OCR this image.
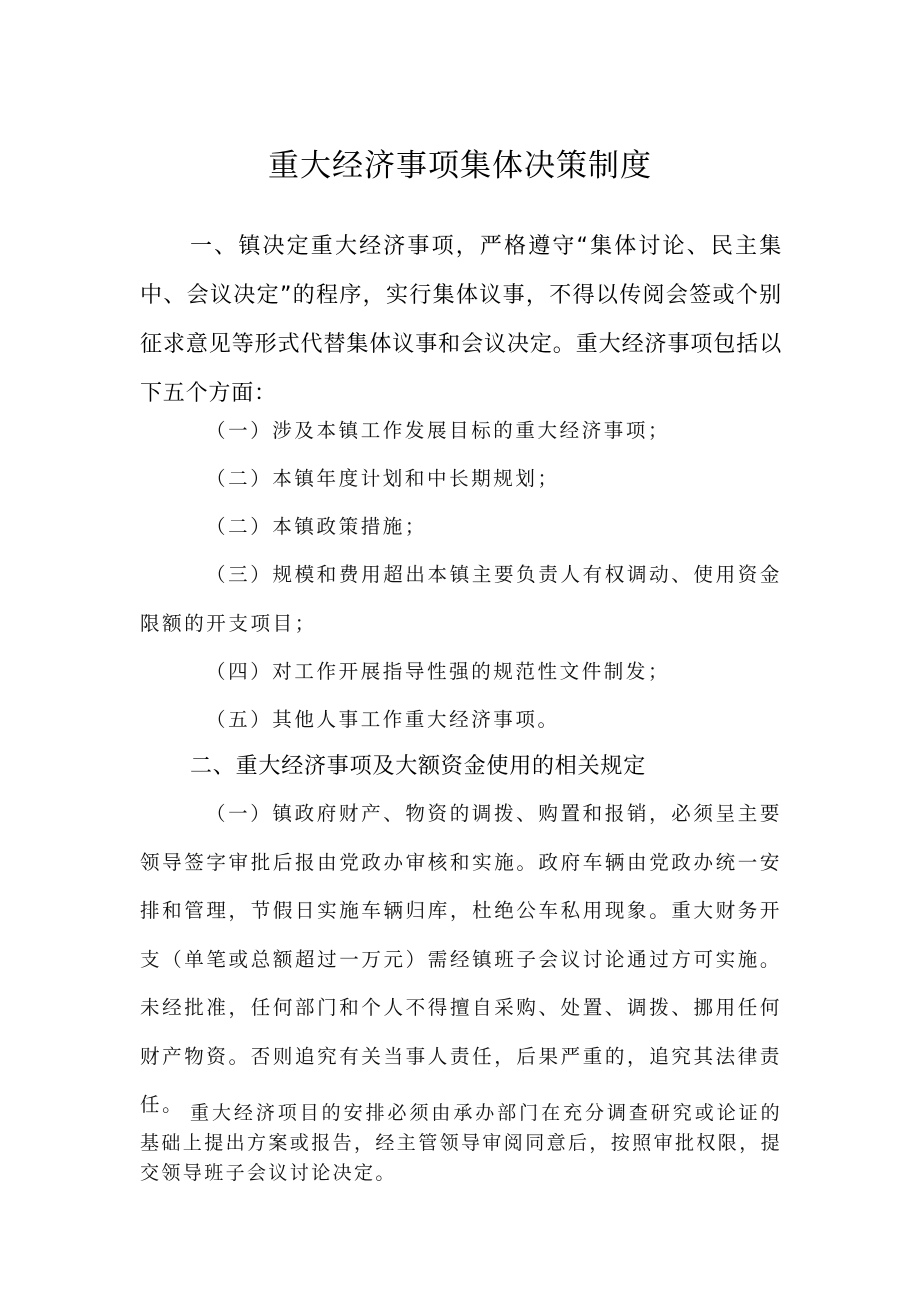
重大经济事项集体决策制度

一、镇决定重大经济事项，严格遵守“集体讨论、民主集中、会议决定”的程序，实行集体议事，不得以传阅会签或个别征求意见等形式代替集体议事和会议决定。重大经济事项包括以下五个方面：

（一）涉及本镇工作发展目标的重大经济事项；

（二）本镇年度计划和中长期规划；

（二）本镇政策措施；

（三）规模和费用超出本镇主要负责人有权调动、使用资金限额的开支项目；

（四）对工作开展指导性强的规范性文件制发；

（五）其他人事工作重大经济事项。

二、重大经济事项及大额资金使用的相关规定

（一）镇政府财产、物资的调拨、购置和报销，必须呈主要领导签字审批后报由党政办审核和实施。政府车辆由党政办统一安排和管理，节假日实施车辆归库，杜绝公车私用现象。重大财务开支（单笔或总额超过一万元）需经镇班子会议讨论通过方可实施。未经批准，任何部门和个人不得擅自采购、处置、调拨、挪用任何财产物资。否则追究有关当事人责任，后果严重的，追究其法律责任。 重大经济项目的安排必须由承办部门在充分调查研究或论证的基础上提出方案或报告，经主管领导审阅同意后，按照审批权限，提交领导班子会议讨论决定。
